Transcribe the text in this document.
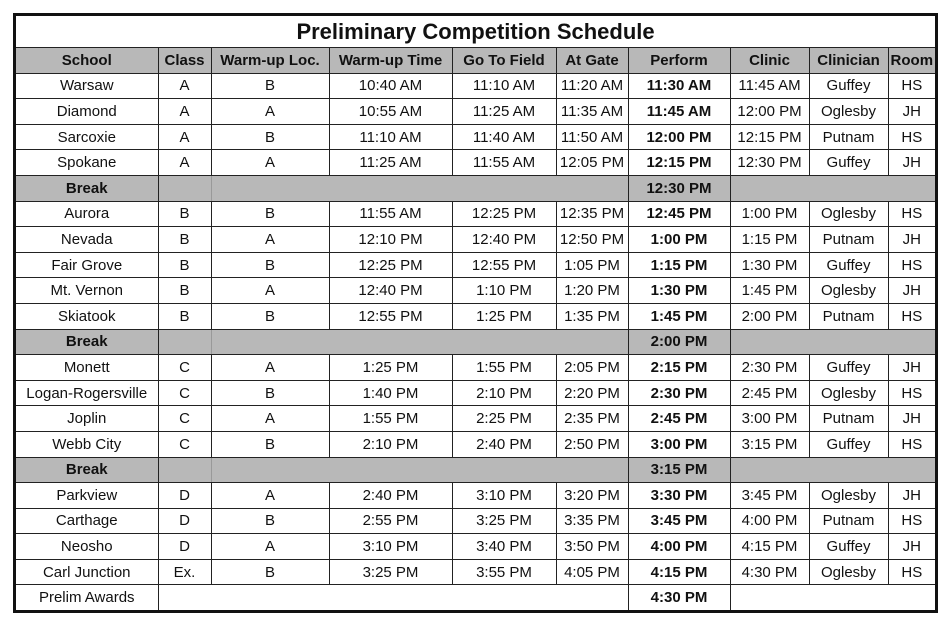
Preliminary Competition Schedule									
School	Class	Warm-up Loc.	Warm-up Time	Go To Field	At Gate	Perform	Clinic	Clinician	Room
Warsaw	A	B	10:40 AM	11:10 AM	11:20 AM	11:30 AM	11:45 AM	Guffey	HS
Diamond	A	A	10:55 AM	11:25 AM	11:35 AM	11:45 AM	12:00 PM	Oglesby	JH
Sarcoxie	A	B	11:10 AM	11:40 AM	11:50 AM	12:00 PM	12:15 PM	Putnam	HS
Spokane	A	A	11:25 AM	11:55 AM	12:05 PM	12:15 PM	12:30 PM	Guffey	JH
Break						12:30 PM			
Aurora	B	B	11:55 AM	12:25 PM	12:35 PM	12:45 PM	1:00 PM	Oglesby	HS
Nevada	B	A	12:10 PM	12:40 PM	12:50 PM	1:00 PM	1:15 PM	Putnam	JH
Fair Grove	B	B	12:25 PM	12:55 PM	1:05 PM	1:15 PM	1:30 PM	Guffey	HS
Mt. Vernon	B	A	12:40 PM	1:10 PM	1:20 PM	1:30 PM	1:45 PM	Oglesby	JH
Skiatook	B	B	12:55 PM	1:25 PM	1:35 PM	1:45 PM	2:00 PM	Putnam	HS
Break						2:00 PM			
Monett	C	A	1:25 PM	1:55 PM	2:05 PM	2:15 PM	2:30 PM	Guffey	JH
Logan-Rogersville	C	B	1:40 PM	2:10 PM	2:20 PM	2:30 PM	2:45 PM	Oglesby	HS
Joplin	C	A	1:55 PM	2:25 PM	2:35 PM	2:45 PM	3:00 PM	Putnam	JH
Webb City	C	B	2:10 PM	2:40 PM	2:50 PM	3:00 PM	3:15 PM	Guffey	HS
Break						3:15 PM			
Parkview	D	A	2:40 PM	3:10 PM	3:20 PM	3:30 PM	3:45 PM	Oglesby	JH
Carthage	D	B	2:55 PM	3:25 PM	3:35 PM	3:45 PM	4:00 PM	Putnam	HS
Neosho	D	A	3:10 PM	3:40 PM	3:50 PM	4:00 PM	4:15 PM	Guffey	JH
Carl Junction	Ex.	B	3:25 PM	3:55 PM	4:05 PM	4:15 PM	4:30 PM	Oglesby	HS
Prelim Awards						4:30 PM			
